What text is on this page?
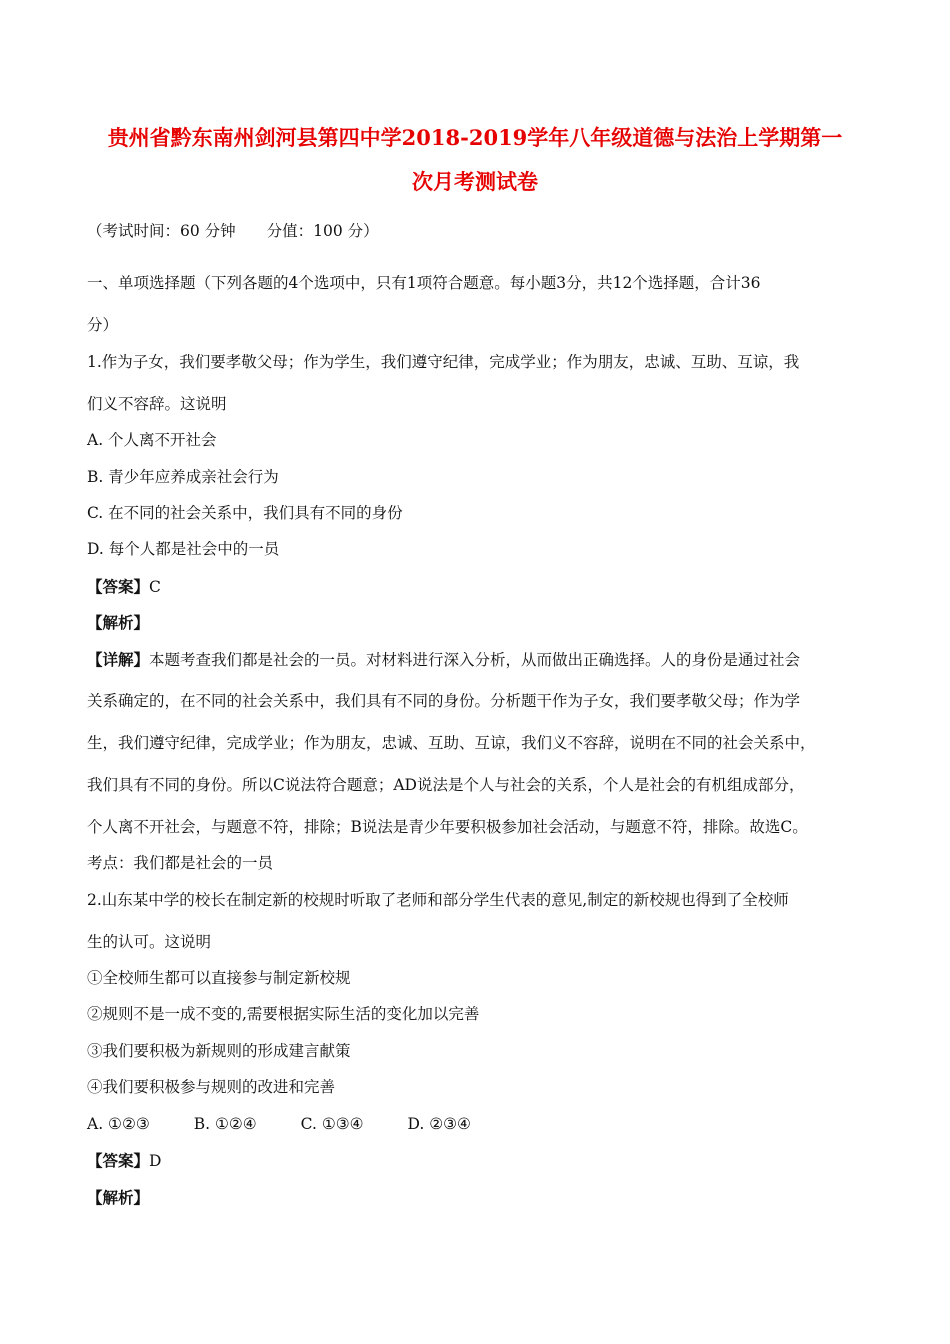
贵州省黔东南州剑河县第四中学2018-2019学年八年级道德与法治上学期第一
次月考测试卷
（考试时间：60 分钟　　分值：100 分）
一、单项选择题（下列各题的4个选项中，只有1项符合题意。每小题3分，共12个选择题，合计36
分）
1.作为子女，我们要孝敬父母；作为学生，我们遵守纪律，完成学业；作为朋友，忠诚、互助、互谅，我
们义不容辞。这说明
A. 个人离不开社会
B. 青少年应养成亲社会行为
C. 在不同的社会关系中，我们具有不同的身份
D. 每个人都是社会中的一员
【答案】C
【解析】
【详解】本题考查我们都是社会的一员。对材料进行深入分析，从而做出正确选择。人的身份是通过社会
关系确定的，在不同的社会关系中，我们具有不同的身份。分析题干作为子女，我们要孝敬父母；作为学
生，我们遵守纪律，完成学业；作为朋友，忠诚、互助、互谅，我们义不容辞，说明在不同的社会关系中，
我们具有不同的身份。所以C说法符合题意；AD说法是个人与社会的关系，个人是社会的有机组成部分，
个人离不开社会，与题意不符，排除；B说法是青少年要积极参加社会活动，与题意不符，排除。故选C。
考点：我们都是社会的一员
2.山东某中学的校长在制定新的校规时听取了老师和部分学生代表的意见,制定的新校规也得到了全校师
生的认可。这说明
①全校师生都可以直接参与制定新校规
②规则不是一成不变的,需要根据实际生活的变化加以完善
③我们要积极为新规则的形成建言献策
④我们要积极参与规则的改进和完善
A. ①②③	B. ①②④	C. ①③④	D. ②③④
【答案】D
【解析】
